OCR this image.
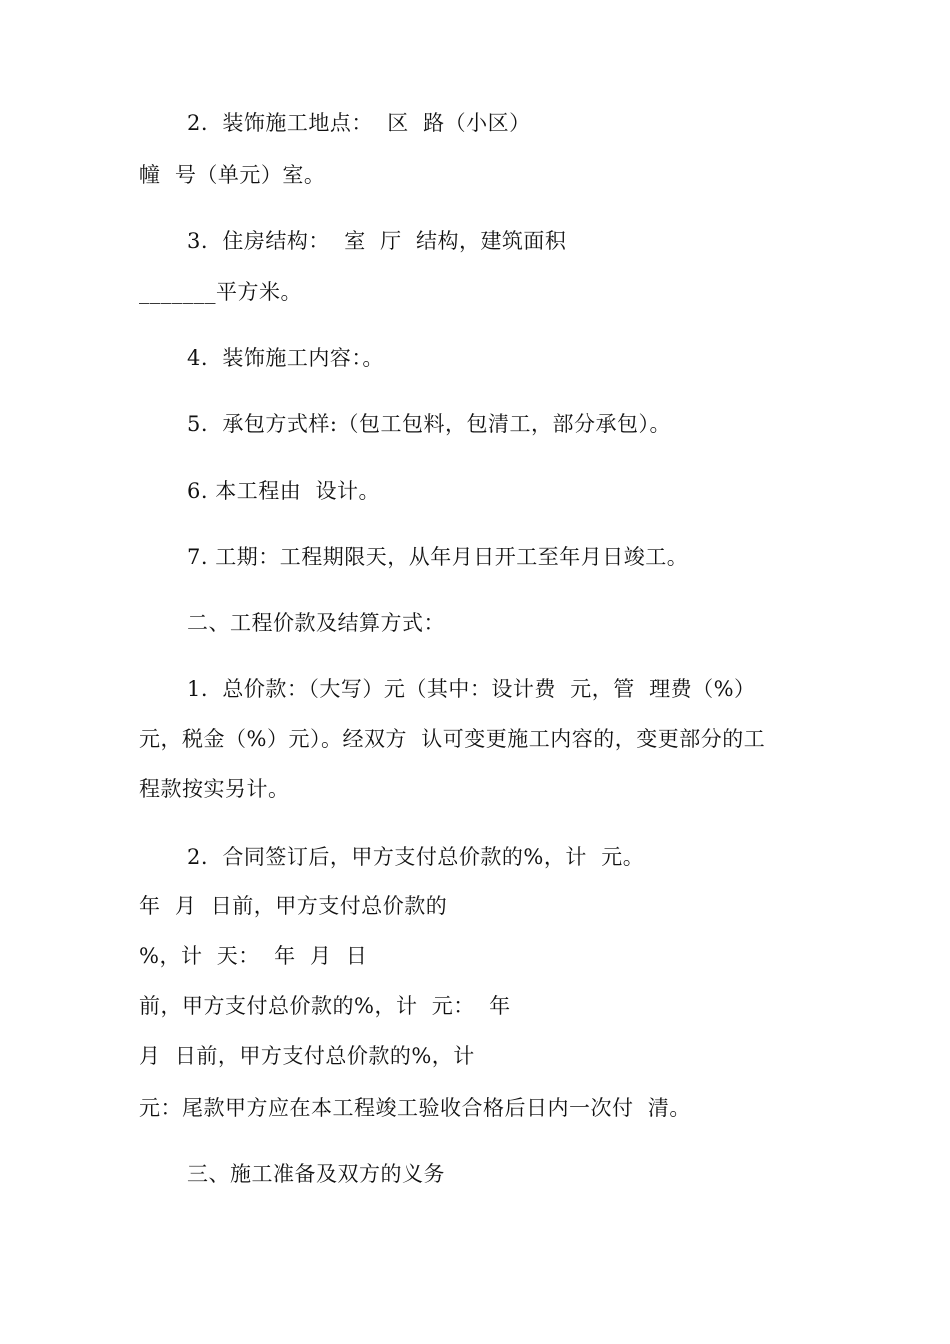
2.  装饰施工地点：  区  路（小区）
幢  号（单元）室。
3.  住房结构：  室  厅  结构，建筑面积
_______平方米。
4.  装饰施工内容：。
5.  承包方式样:（包工包料，包清工，部分承包）。
6. 本工程由  设计。
7. 工期：工程期限天，从年月日开工至年月日竣工。
二、工程价款及结算方式：
1.  总价款：（大写）元（其中：设计费  元，管  理费（%）
元，税金（%）元）。经双方  认可变更施工内容的，变更部分的工
程款按实另计。
2.  合同签订后，甲方支付总价款的%，计  元。
年  月  日前，甲方支付总价款的
%，计  天：  年  月  日
前，甲方支付总价款的%，计  元：  年
月  日前，甲方支付总价款的%，计
元：尾款甲方应在本工程竣工验收合格后日内一次付  清。
三、施工准备及双方的义务
